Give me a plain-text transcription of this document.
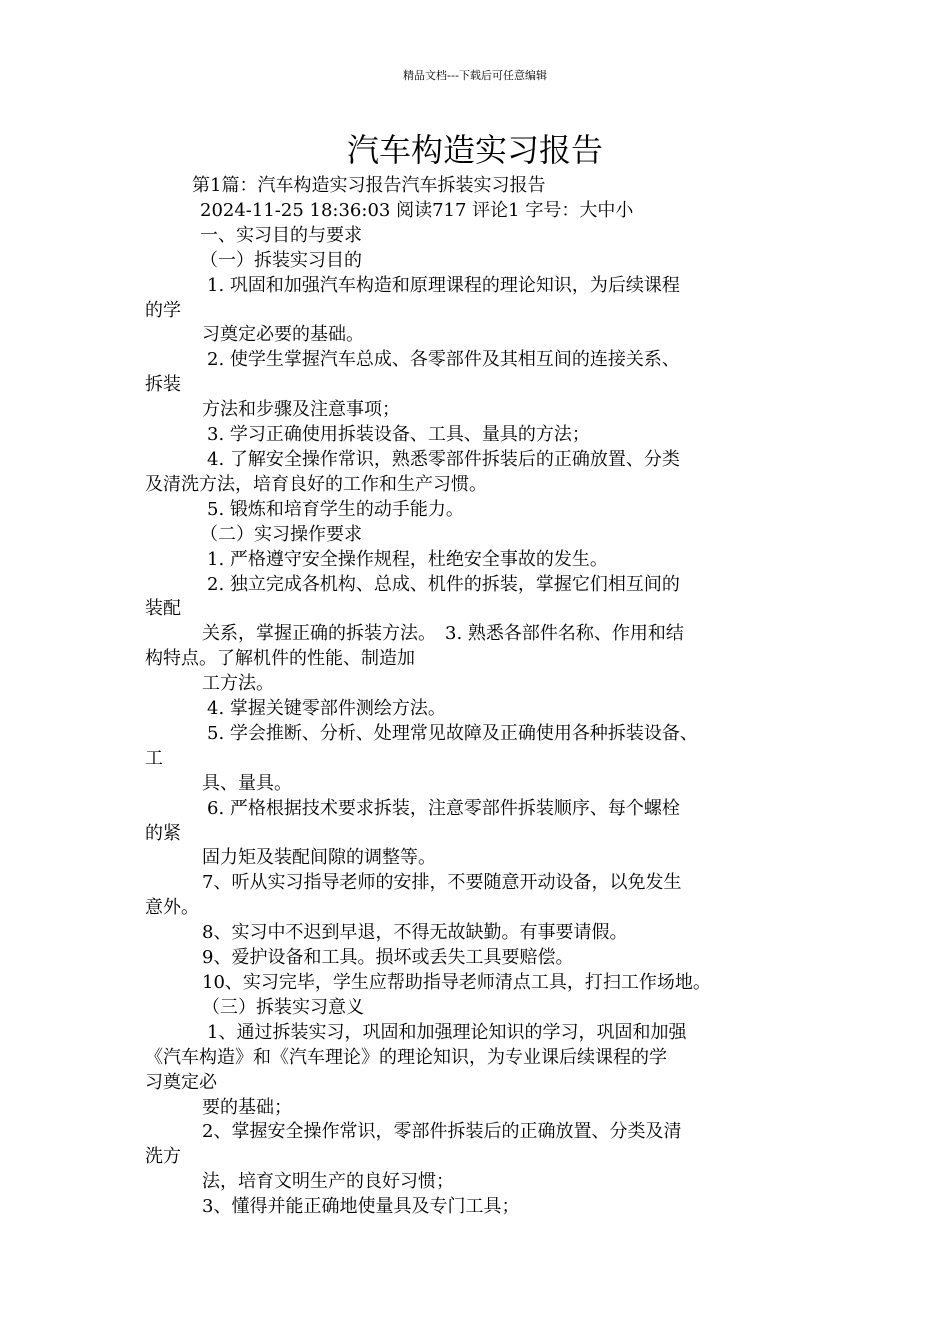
精品文档---下载后可任意编辑
汽车构造实习报告
第1篇：汽车构造实习报告汽车拆装实习报告
2024-11-25 18:36:03 阅读717 评论1 字号：大中小
一、实习目的与要求
（一）拆装实习目的
1. 巩固和加强汽车构造和原理课程的理论知识，为后续课程
的学
习奠定必要的基础。
2. 使学生掌握汽车总成、各零部件及其相互间的连接关系、
拆装
方法和步骤及注意事项；
3. 学习正确使用拆装设备、工具、量具的方法；
4. 了解安全操作常识，熟悉零部件拆装后的正确放置、分类
及清洗方法，培育良好的工作和生产习惯。
5. 锻炼和培育学生的动手能力。
（二）实习操作要求
1. 严格遵守安全操作规程，杜绝安全事故的发生。
2. 独立完成各机构、总成、机件的拆装，掌握它们相互间的
装配
关系，掌握正确的拆装方法。　3. 熟悉各部件名称、作用和结
构特点。了解机件的性能、制造加
工方法。
4. 掌握关键零部件测绘方法。
5. 学会推断、分析、处理常见故障及正确使用各种拆装设备、
工
具、量具。
6. 严格根据技术要求拆装，注意零部件拆装顺序、每个螺栓
的紧
固力矩及装配间隙的调整等。
7、听从实习指导老师的安排，不要随意开动设备，以免发生
意外。
8、实习中不迟到早退，不得无故缺勤。有事要请假。
9、爱护设备和工具。损坏或丢失工具要赔偿。
10、实习完毕，学生应帮助指导老师清点工具，打扫工作场地。
（三）拆装实习意义
1、通过拆装实习，巩固和加强理论知识的学习，巩固和加强
《汽车构造》和《汽车理论》的理论知识，为专业课后续课程的学
习奠定必
要的基础；
2、掌握安全操作常识，零部件拆装后的正确放置、分类及清
洗方
法，培育文明生产的良好习惯；
3、懂得并能正确地使量具及专门工具；
